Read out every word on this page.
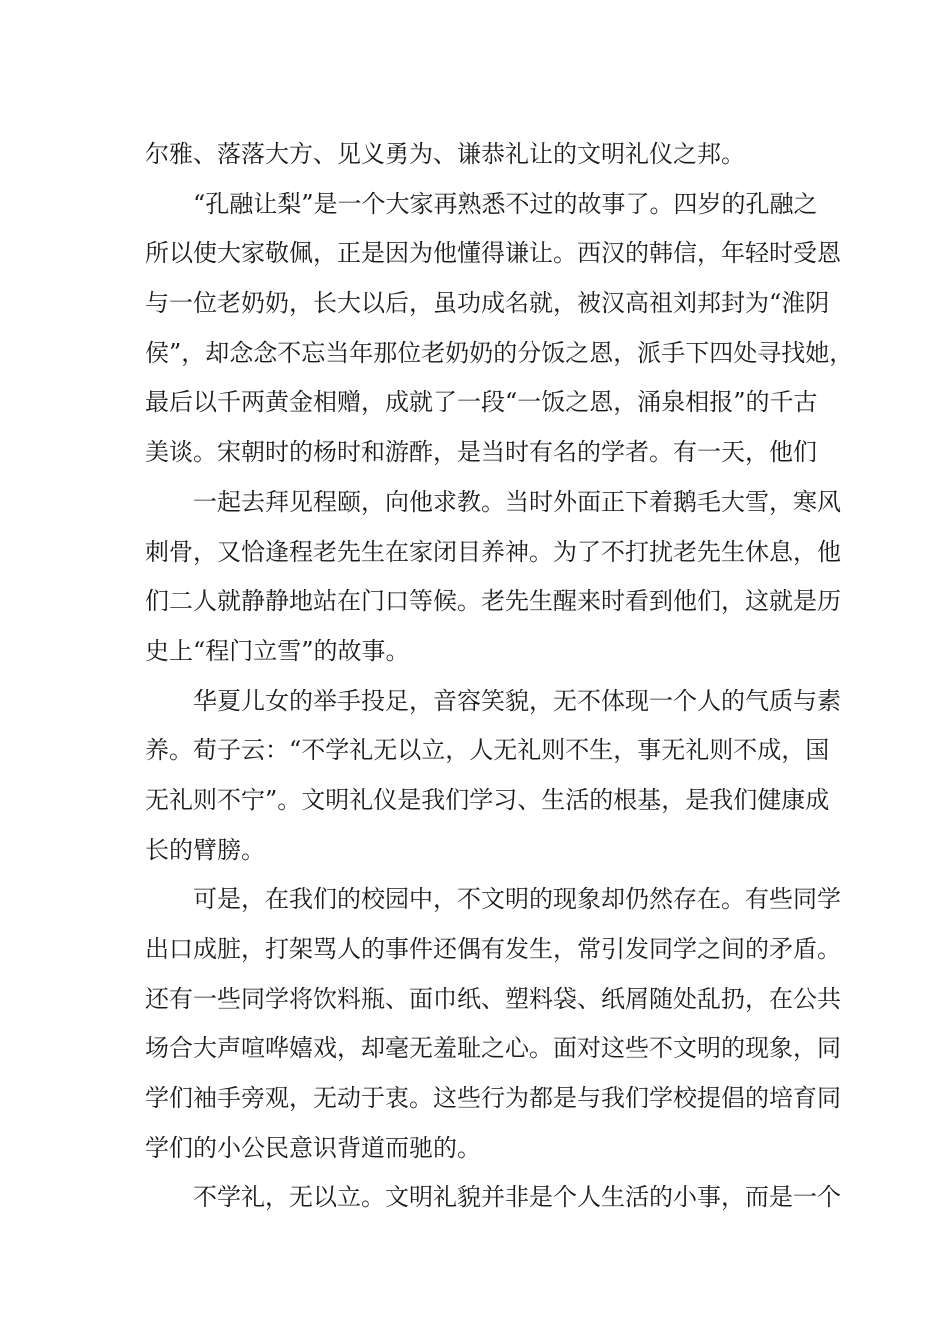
尔雅、落落大方、见义勇为、谦恭礼让的文明礼仪之邦。
“孔融让梨”是一个大家再熟悉不过的故事了。四岁的孔融之
所以使大家敬佩，正是因为他懂得谦让。西汉的韩信，年轻时受恩
与一位老奶奶，长大以后，虽功成名就，被汉高祖刘邦封为“淮阴
侯”，却念念不忘当年那位老奶奶的分饭之恩，派手下四处寻找她，
最后以千两黄金相赠，成就了一段“一饭之恩，涌泉相报”的千古
美谈。宋朝时的杨时和游酢，是当时有名的学者。有一天，他们
一起去拜见程颐，向他求教。当时外面正下着鹅毛大雪，寒风
刺骨，又恰逢程老先生在家闭目养神。为了不打扰老先生休息，他
们二人就静静地站在门口等候。老先生醒来时看到他们，这就是历
史上“程门立雪”的故事。
华夏儿女的举手投足，音容笑貌，无不体现一个人的气质与素
养。荀子云：“不学礼无以立，人无礼则不生，事无礼则不成，国
无礼则不宁”。文明礼仪是我们学习、生活的根基，是我们健康成
长的臂膀。
可是，在我们的校园中，不文明的现象却仍然存在。有些同学
出口成脏，打架骂人的事件还偶有发生，常引发同学之间的矛盾。
还有一些同学将饮料瓶、面巾纸、塑料袋、纸屑随处乱扔，在公共
场合大声喧哗嬉戏，却毫无羞耻之心。面对这些不文明的现象，同
学们袖手旁观，无动于衷。这些行为都是与我们学校提倡的培育同
学们的小公民意识背道而驰的。
不学礼，无以立。文明礼貌并非是个人生活的小事，而是一个
